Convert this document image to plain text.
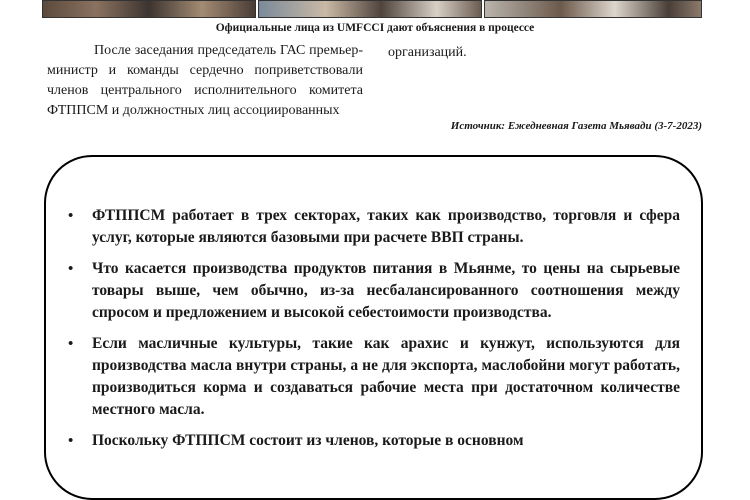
Официальные лица из UMFCCI дают объяснения в процессе

После заседания председатель ГАС премьер-министр и команды сердечно поприветствовали членов центрального исполнительного комитета ФТППСМ и должностных лиц ассоциированных

организаций.

Источник: Ежедневная Газета Мьявади (3-7-2023)
• ФТППСМ работает в трех секторах, таких как производство, торговля и сфера услуг, которые являются базовыми при расчете ВВП страны.
• Что касается производства продуктов питания в Мьянме, то цены на сырьевые товары выше, чем обычно, из-за несбалансированного соотношения между спросом и предложением и высокой себестоимости производства.
• Если масличные культуры, такие как арахис и кунжут, используются для производства масла внутри страны, а не для экспорта, маслобойни могут работать, производиться корма и создаваться рабочие места при достаточном количестве местного масла.
• Поскольку ФТППСМ состоит из членов, которые в основном
